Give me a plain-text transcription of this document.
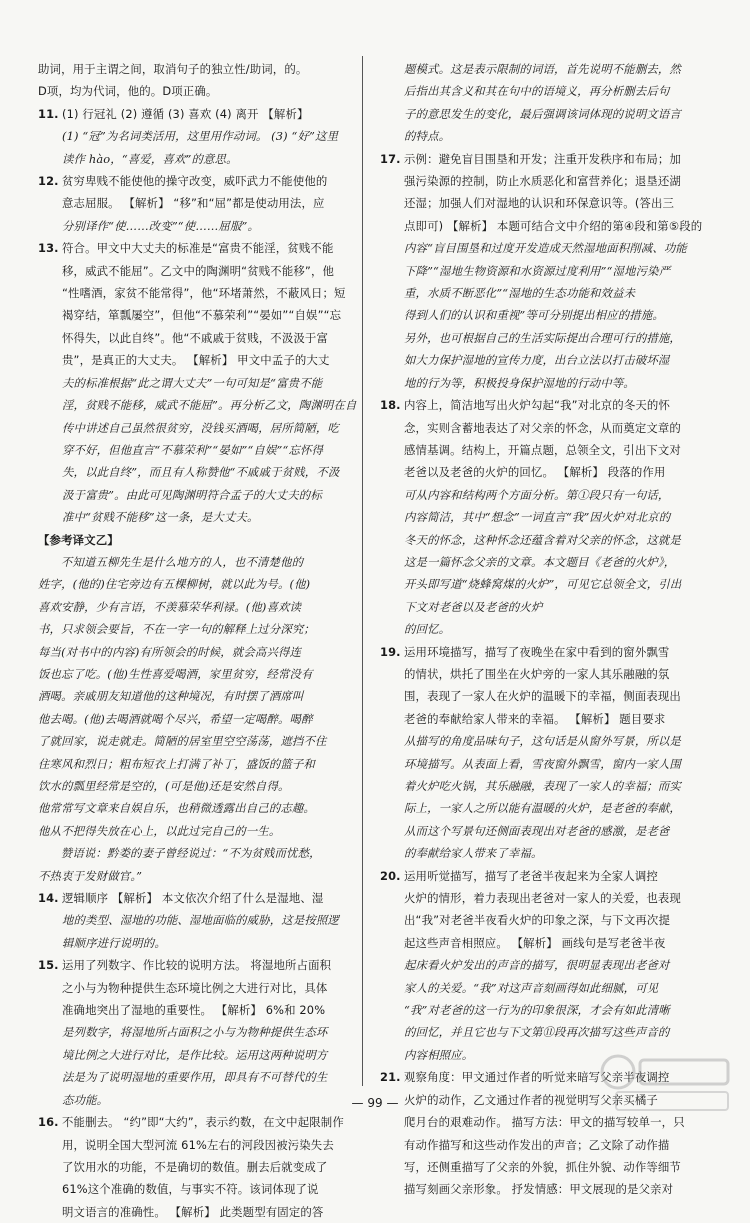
助词，用于主谓之间，取消句子的独立性/助词，的。

D项，均为代词，他的。D项正确。

11. (1) 行冠礼 (2) 遵循 (3) 喜欢 (4) 离开 【解析】

(1) “冠”为名词类活用，这里用作动词。 (3) “好”这里

读作 hào，“喜爱，喜欢”的意思。

12. 贫穷卑贱不能使他的操守改变，威吓武力不能使他的

意志屈服。 【解析】 “移”和“屈”都是使动用法，应

分别译作“使……改变”“使……屈服”。

13. 符合。甲文中大丈夫的标准是“富贵不能淫，贫贱不能

移，威武不能屈”。乙文中的陶渊明“贫贱不能移”，他

“性嗜酒，家贫不能常得”，他“环堵萧然，不蔽风日；短

褐穿结，箪瓢屡空”，但他“不慕荣利”“晏如”“自娱”“忘

怀得失，以此自终”。他“不戚戚于贫贱，不汲汲于富

贵”，是真正的大丈夫。 【解析】 甲文中孟子的大丈

夫的标准根据“此之谓大丈夫”一句可知是“富贵不能

淫，贫贱不能移，威武不能屈”。再分析乙文，陶渊明在自

传中讲述自己虽然很贫穷，没钱买酒喝，居所简陋，吃

穿不好，但他直言“不慕荣利”“晏如”“自娱”“忘怀得

失，以此自终”，而且有人称赞他“不戚戚于贫贱，不汲

汲于富贵”。由此可见陶渊明符合孟子的大丈夫的标

准中“贫贱不能移”这一条，是大丈夫。

【参考译文乙】

不知道五柳先生是什么地方的人，也不清楚他的

姓字，(他的)住宅旁边有五棵柳树，就以此为号。(他)

喜欢安静，少有言语，不羡慕荣华利禄。(他)喜欢读

书，只求领会要旨，不在一字一句的解释上过分深究；

每当(对书中的内容)有所领会的时候，就会高兴得连

饭也忘了吃。(他)生性喜爱喝酒，家里贫穷，经常没有

酒喝。亲戚朋友知道他的这种境况，有时摆了酒席叫

他去喝。(他)去喝酒就喝个尽兴，希望一定喝醉。喝醉

了就回家，说走就走。简陋的居室里空空荡荡，遮挡不住

住寒风和烈日；粗布短衣上打满了补丁，盛饭的篮子和

饮水的瓢里经常是空的，(可是他)还是安然自得。

他常常写文章来自娱自乐，也稍微透露出自己的志趣。

他从不把得失放在心上，以此过完自己的一生。

赞语说：黔娄的妻子曾经说过：“不为贫贱而忧愁，

不热衷于发财做官。”

14. 逻辑顺序 【解析】 本文依次介绍了什么是湿地、湿

地的类型、湿地的功能、湿地面临的威胁，这是按照逻

辑顺序进行说明的。

15. 运用了列数字、作比较的说明方法。 将湿地所占面积

之小与为物种提供生态环境比例之大进行对比，具体

准确地突出了湿地的重要性。 【解析】 6%和 20%

是列数字，将湿地所占面积之小与为物种提供生态环

境比例之大进行对比，是作比较。运用这两种说明方

法是为了说明湿地的重要作用，即具有不可替代的生

态功能。

16. 不能删去。 “约”即“大约”，表示约数，在文中起限制作

用，说明全国大型河流 61%左右的河段因被污染失去

了饮用水的功能，不是确切的数值。删去后就变成了

61%这个准确的数值，与事实不符。该词体现了说

明文语言的准确性。 【解析】 此类题型有固定的答

题模式。这是表示限制的词语，首先说明不能删去，然

后指出其含义和其在句中的语境义，再分析删去后句

子的意思发生的变化，最后强调该词体现的说明文语言

的特点。

17. 示例：避免盲目围垦和开发；注重开发秩序和布局；加

强污染源的控制，防止水质恶化和富营养化；退垦还湖

还湿；加强人们对湿地的认识和环保意识等。(答出三

点即可) 【解析】 本题可结合文中介绍的第④段和第⑤段的

内容“盲目围垦和过度开发造成天然湿地面积削减、功能

下降”“湿地生物资源和水资源过度利用”“湿地污染严

重，水质不断恶化”“湿地的生态功能和效益未

得到人们的认识和重视”等可分别提出相应的措施。

另外，也可根据自己的生活实际提出合理可行的措施，

如大力保护湿地的宣传力度，出台立法以打击破坏湿

地的行为等，积极投身保护湿地的行动中等。

18. 内容上，简洁地写出火炉勾起“我”对北京的冬天的怀

念，实则含蓄地表达了对父亲的怀念，从而奠定文章的

感情基调。结构上，开篇点题，总领全文，引出下文对

老爸以及老爸的火炉的回忆。 【解析】 段落的作用

可从内容和结构两个方面分析。第①段只有一句话，

内容简洁，其中“想念”一词直言“我”因火炉对北京的

冬天的怀念，这种怀念还蕴含着对父亲的怀念，这就是

这是一篇怀念父亲的文章。本文题目《老爸的火炉》，

开头即写道“烧蜂窝煤的火炉”，可见它总领全文，引出

下文对老爸以及老爸的火炉

的回忆。

19. 运用环境描写，描写了夜晚坐在家中看到的窗外飘雪

的情状，烘托了围坐在火炉旁的一家人其乐融融的氛

围，表现了一家人在火炉的温暖下的幸福，侧面表现出

老爸的奉献给家人带来的幸福。 【解析】 题目要求

从描写的角度品味句子，这句话是从窗外写景，所以是

环境描写。从表面上看，雪夜窗外飘雪，窗内一家人围

着火炉吃火锅，其乐融融，表现了一家人的幸福；而实

际上，一家人之所以能有温暖的火炉，是老爸的奉献，

从而这个写景句还侧面表现出对老爸的感激，是老爸

的奉献给家人带来了幸福。

20. 运用听觉描写，描写了老爸半夜起来为全家人调控

火炉的情形，着力表现出老爸对一家人的关爱，也表现

出“我”对老爸半夜看火炉的印象之深，与下文再次提

起这些声音相照应。 【解析】 画线句是写老爸半夜

起床看火炉发出的声音的描写，很明显表现出老爸对

家人的关爱。“我”对这声音刻画得如此细腻，可见

“我”对老爸的这一行为的印象很深，才会有如此清晰

的回忆，并且它也与下文第⑪段再次描写这些声音的

内容相照应。

21. 观察角度：甲文通过作者的听觉来暗写父亲半夜调控

火炉的动作，乙文通过作者的视觉明写父亲买橘子

爬月台的艰难动作。 描写方法：甲文的描写较单一，只

有动作描写和这些动作发出的声音；乙文除了动作描

写，还侧重描写了父亲的外貌，抓住外貌、动作等细节

描写刻画父亲形象。 抒发情感：甲文展现的是父亲对

— 99 —
